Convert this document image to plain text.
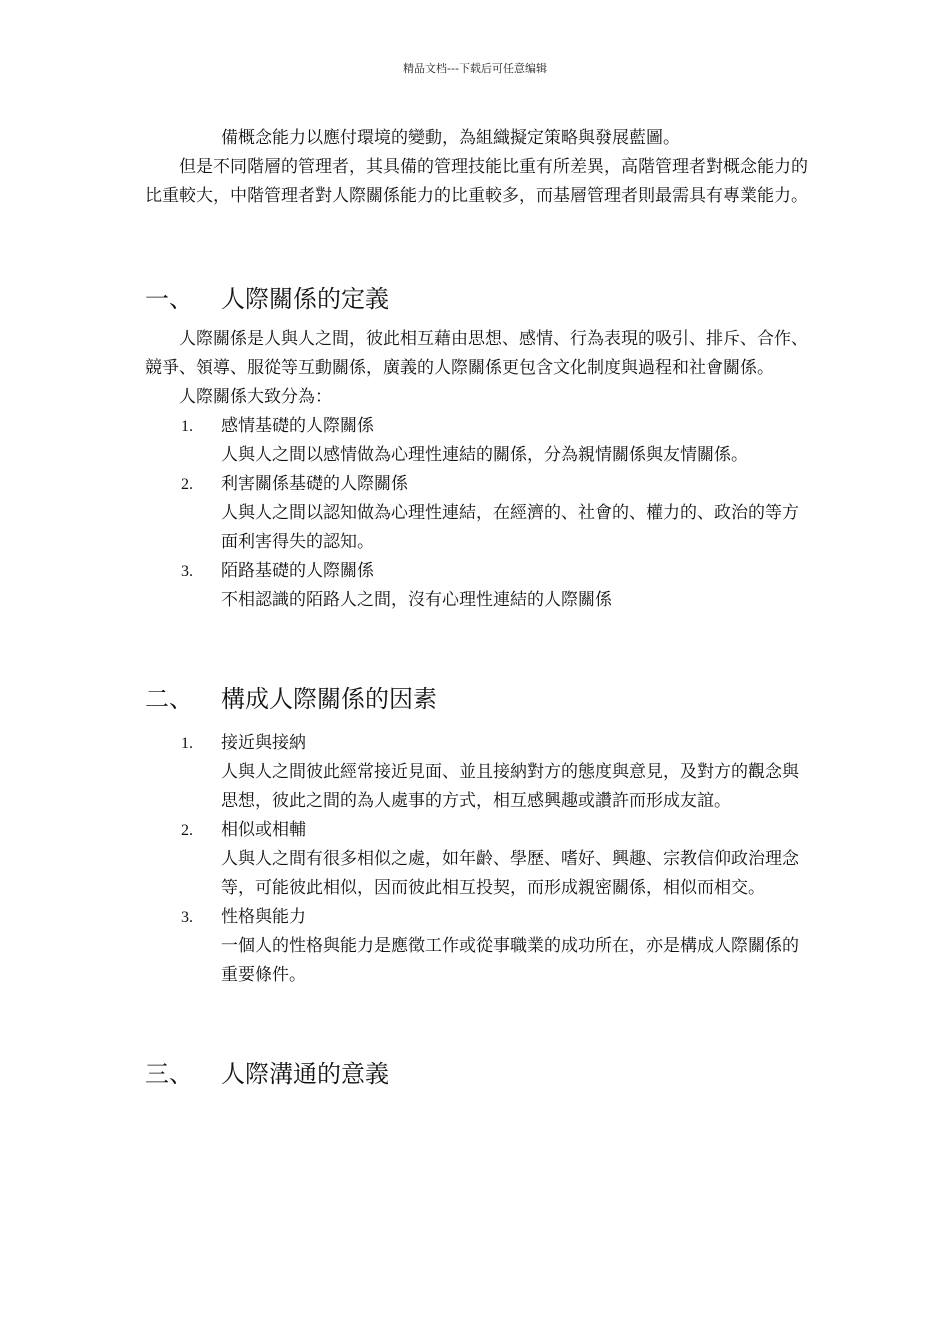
精品文档---下载后可任意编辑

備概念能力以應付環境的變動，為組織擬定策略與發展藍圖。

但是不同階層的管理者，其具備的管理技能比重有所差異，高階管理者對概念能力的比重較大，中階管理者對人際關係能力的比重較多，而基層管理者則最需具有專業能力。

一、	人際關係的定義

人際關係是人與人之間，彼此相互藉由思想、感情、行為表現的吸引、排斥、合作、競爭、領導、服從等互動關係，廣義的人際關係更包含文化制度與過程和社會關係。

人際關係大致分為：

1.	感情基礎的人際關係
人與人之間以感情做為心理性連結的關係，分為親情關係與友情關係。
2.	利害關係基礎的人際關係
人與人之間以認知做為心理性連結，在經濟的、社會的、權力的、政治的等方面利害得失的認知。
3.	陌路基礎的人際關係
不相認識的陌路人之間，沒有心理性連結的人際關係
二、	構成人際關係的因素
1.	接近與接納
人與人之間彼此經常接近見面、並且接納對方的態度與意見，及對方的觀念與思想，彼此之間的為人處事的方式，相互感興趣或讚許而形成友誼。
2.	相似或相輔
人與人之間有很多相似之處，如年齡、學歷、嗜好、興趣、宗教信仰政治理念等，可能彼此相似，因而彼此相互投契，而形成親密關係，相似而相交。
3.	性格與能力
一個人的性格與能力是應徵工作或從事職業的成功所在，亦是構成人際關係的重要條件。
三、	人際溝通的意義
